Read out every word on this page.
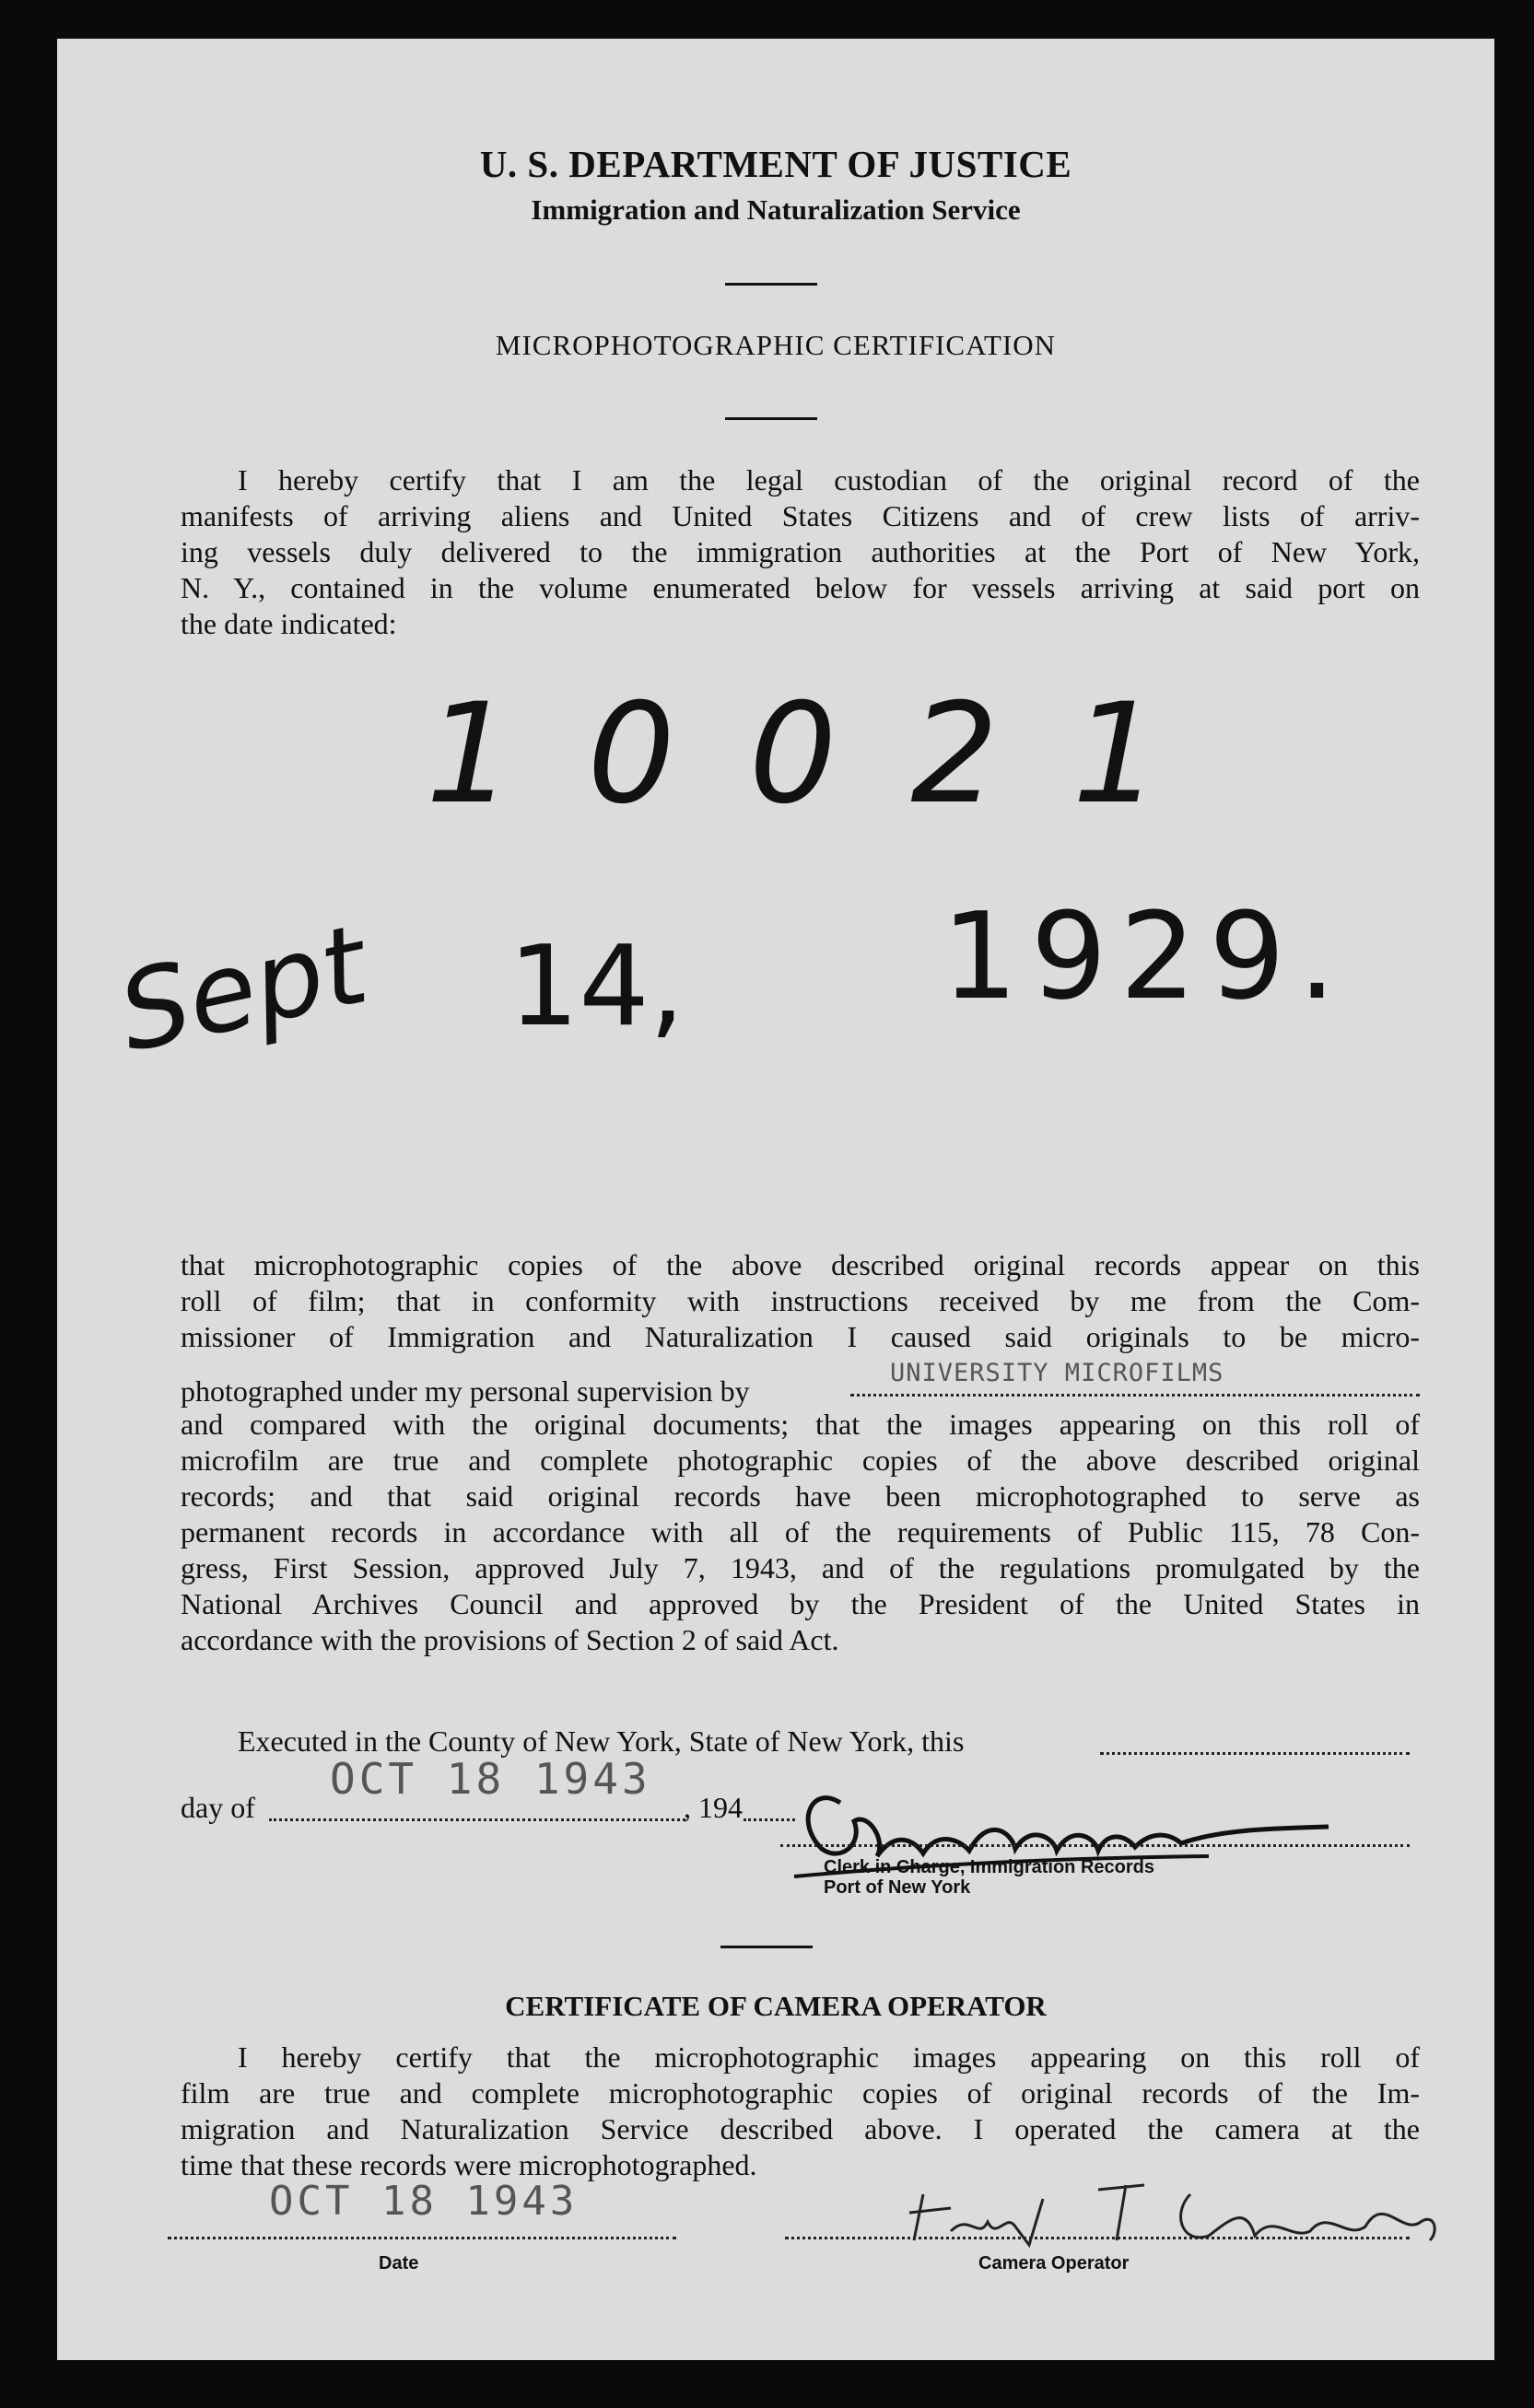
U. S. DEPARTMENT OF JUSTICE
Immigration and Naturalization Service
MICROPHOTOGRAPHIC CERTIFICATION

I hereby certify that I am the legal custodian of the original record of the

manifests of arriving aliens and United States Citizens and of crew lists of arriv-

ing vessels duly delivered to the immigration authorities at the Port of New York,

N. Y., contained in the volume enumerated below for vessels arriving at said port on

the date indicated:

10021
Sept 14, 1929.

that microphotographic copies of the above described original records appear on this

roll of film; that in conformity with instructions received by me from the Com-

missioner of Immigration and Naturalization I caused said originals to be micro-

UNIVERSITY MICROFILMS
photographed under my personal supervision by

and compared with the original documents; that the images appearing on this roll of

microfilm are true and complete photographic copies of the above described original

records; and that said original records have been microphotographed to serve as

permanent records in accordance with all of the requirements of Public 115, 78 Con-

gress, First Session, approved July 7, 1943, and of the regulations promulgated by the

National Archives Council and approved by the President of the United States in

accordance with the provisions of Section 2 of said Act.

Executed in the County of New York, State of New York, this
day of
OCT 18 1943
, 194
Clerk in Charge, Immigration Records
Port of New York
CERTIFICATE OF CAMERA OPERATOR

I hereby certify that the microphotographic images appearing on this roll of

film are true and complete microphotographic copies of original records of the Im-

migration and Naturalization Service described above. I operated the camera at the

time that these records were microphotographed.

OCT 18 1943
Date	Camera Operator
